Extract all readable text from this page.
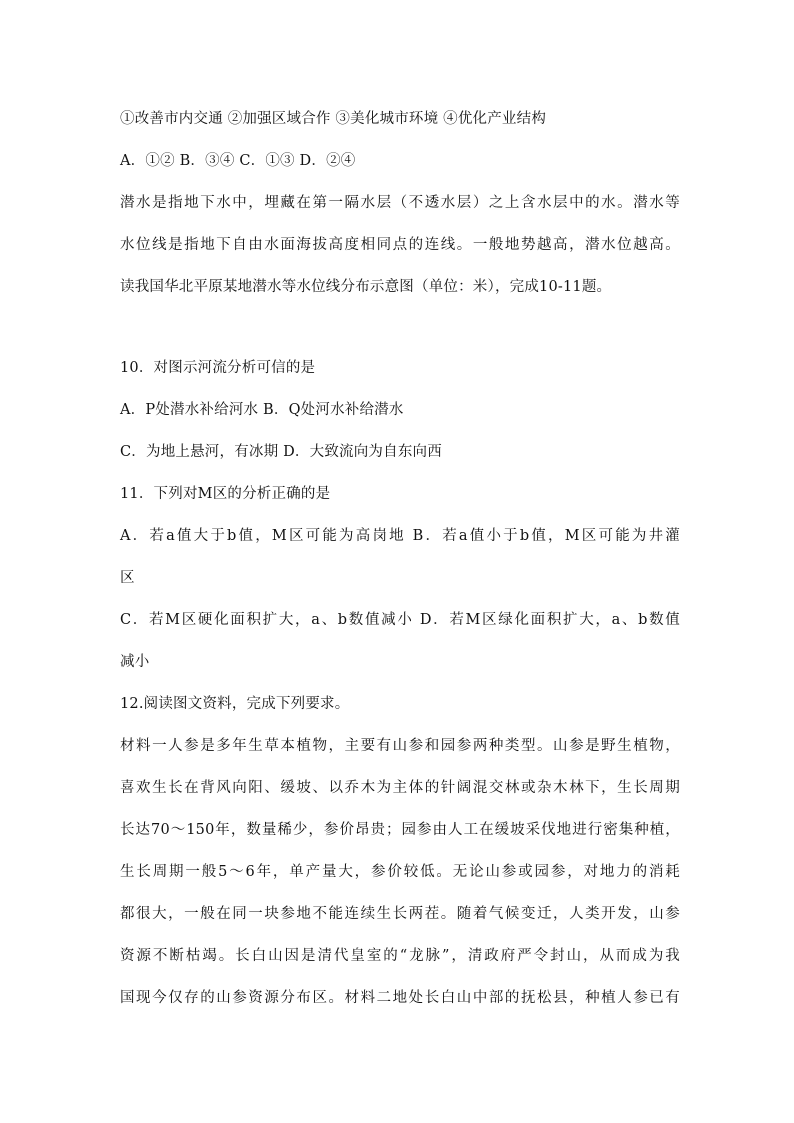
①改善市内交通 ②加强区域合作 ③美化城市环境 ④优化产业结构
A．①② B．③④ C．①③ D．②④
潜水是指地下水中，埋藏在第一隔水层（不透水层）之上含水层中的水。潜水等
水位线是指地下自由水面海拔高度相同点的连线。一般地势越高，潜水位越高。
读我国华北平原某地潜水等水位线分布示意图（单位：米），完成10-11题。
10．对图示河流分析可信的是
A．P处潜水补给河水 B．Q处河水补给潜水
C．为地上悬河，有冰期 D．大致流向为自东向西
11．下列对M区的分析正确的是
A．若a值大于b值，M区可能为高岗地 B．若a值小于b值，M区可能为井灌
区
C．若M区硬化面积扩大，a、b数值减小 D．若M区绿化面积扩大，a、b数值
减小
12.阅读图文资料，完成下列要求。
材料一人参是多年生草本植物，主要有山参和园参两种类型。山参是野生植物，
喜欢生长在背风向阳、缓坡、以乔木为主体的针阔混交林或杂木林下，生长周期
长达70～150年，数量稀少，参价昂贵；园参由人工在缓坡采伐地进行密集种植，
生长周期一般5～6年，单产量大，参价较低。无论山参或园参，对地力的消耗
都很大，一般在同一块参地不能连续生长两茬。随着气候变迁，人类开发，山参
资源不断枯竭。长白山因是清代皇室的“龙脉”，清政府严令封山，从而成为我
国现今仅存的山参资源分布区。材料二地处长白山中部的抚松县，种植人参已有
